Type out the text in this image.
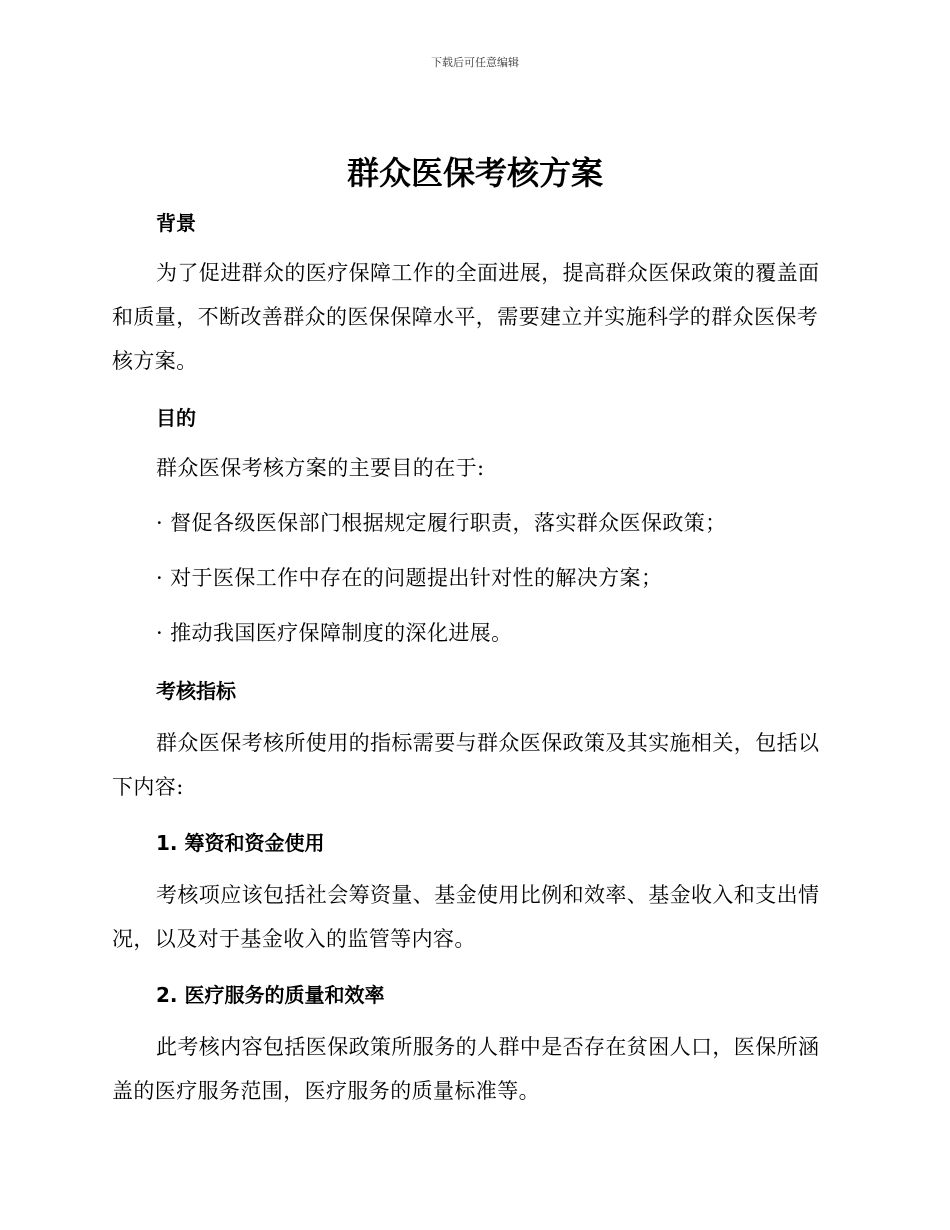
下载后可任意编辑
群众医保考核方案
背景

为了促进群众的医疗保障工作的全面进展，提高群众医保政策的覆盖面和质量，不断改善群众的医保保障水平，需要建立并实施科学的群众医保考核方案。

目的
群众医保考核方案的主要目的在于:
· 督促各级医保部门根据规定履行职责，落实群众医保政策；
· 对于医保工作中存在的问题提出针对性的解决方案；
· 推动我国医疗保障制度的深化进展。
考核指标

群众医保考核所使用的指标需要与群众医保政策及其实施相关，包括以下内容:

1. 筹资和资金使用

考核项应该包括社会筹资量、基金使用比例和效率、基金收入和支出情况，以及对于基金收入的监管等内容。

2. 医疗服务的质量和效率

此考核内容包括医保政策所服务的人群中是否存在贫困人口，医保所涵盖的医疗服务范围，医疗服务的质量标准等。
